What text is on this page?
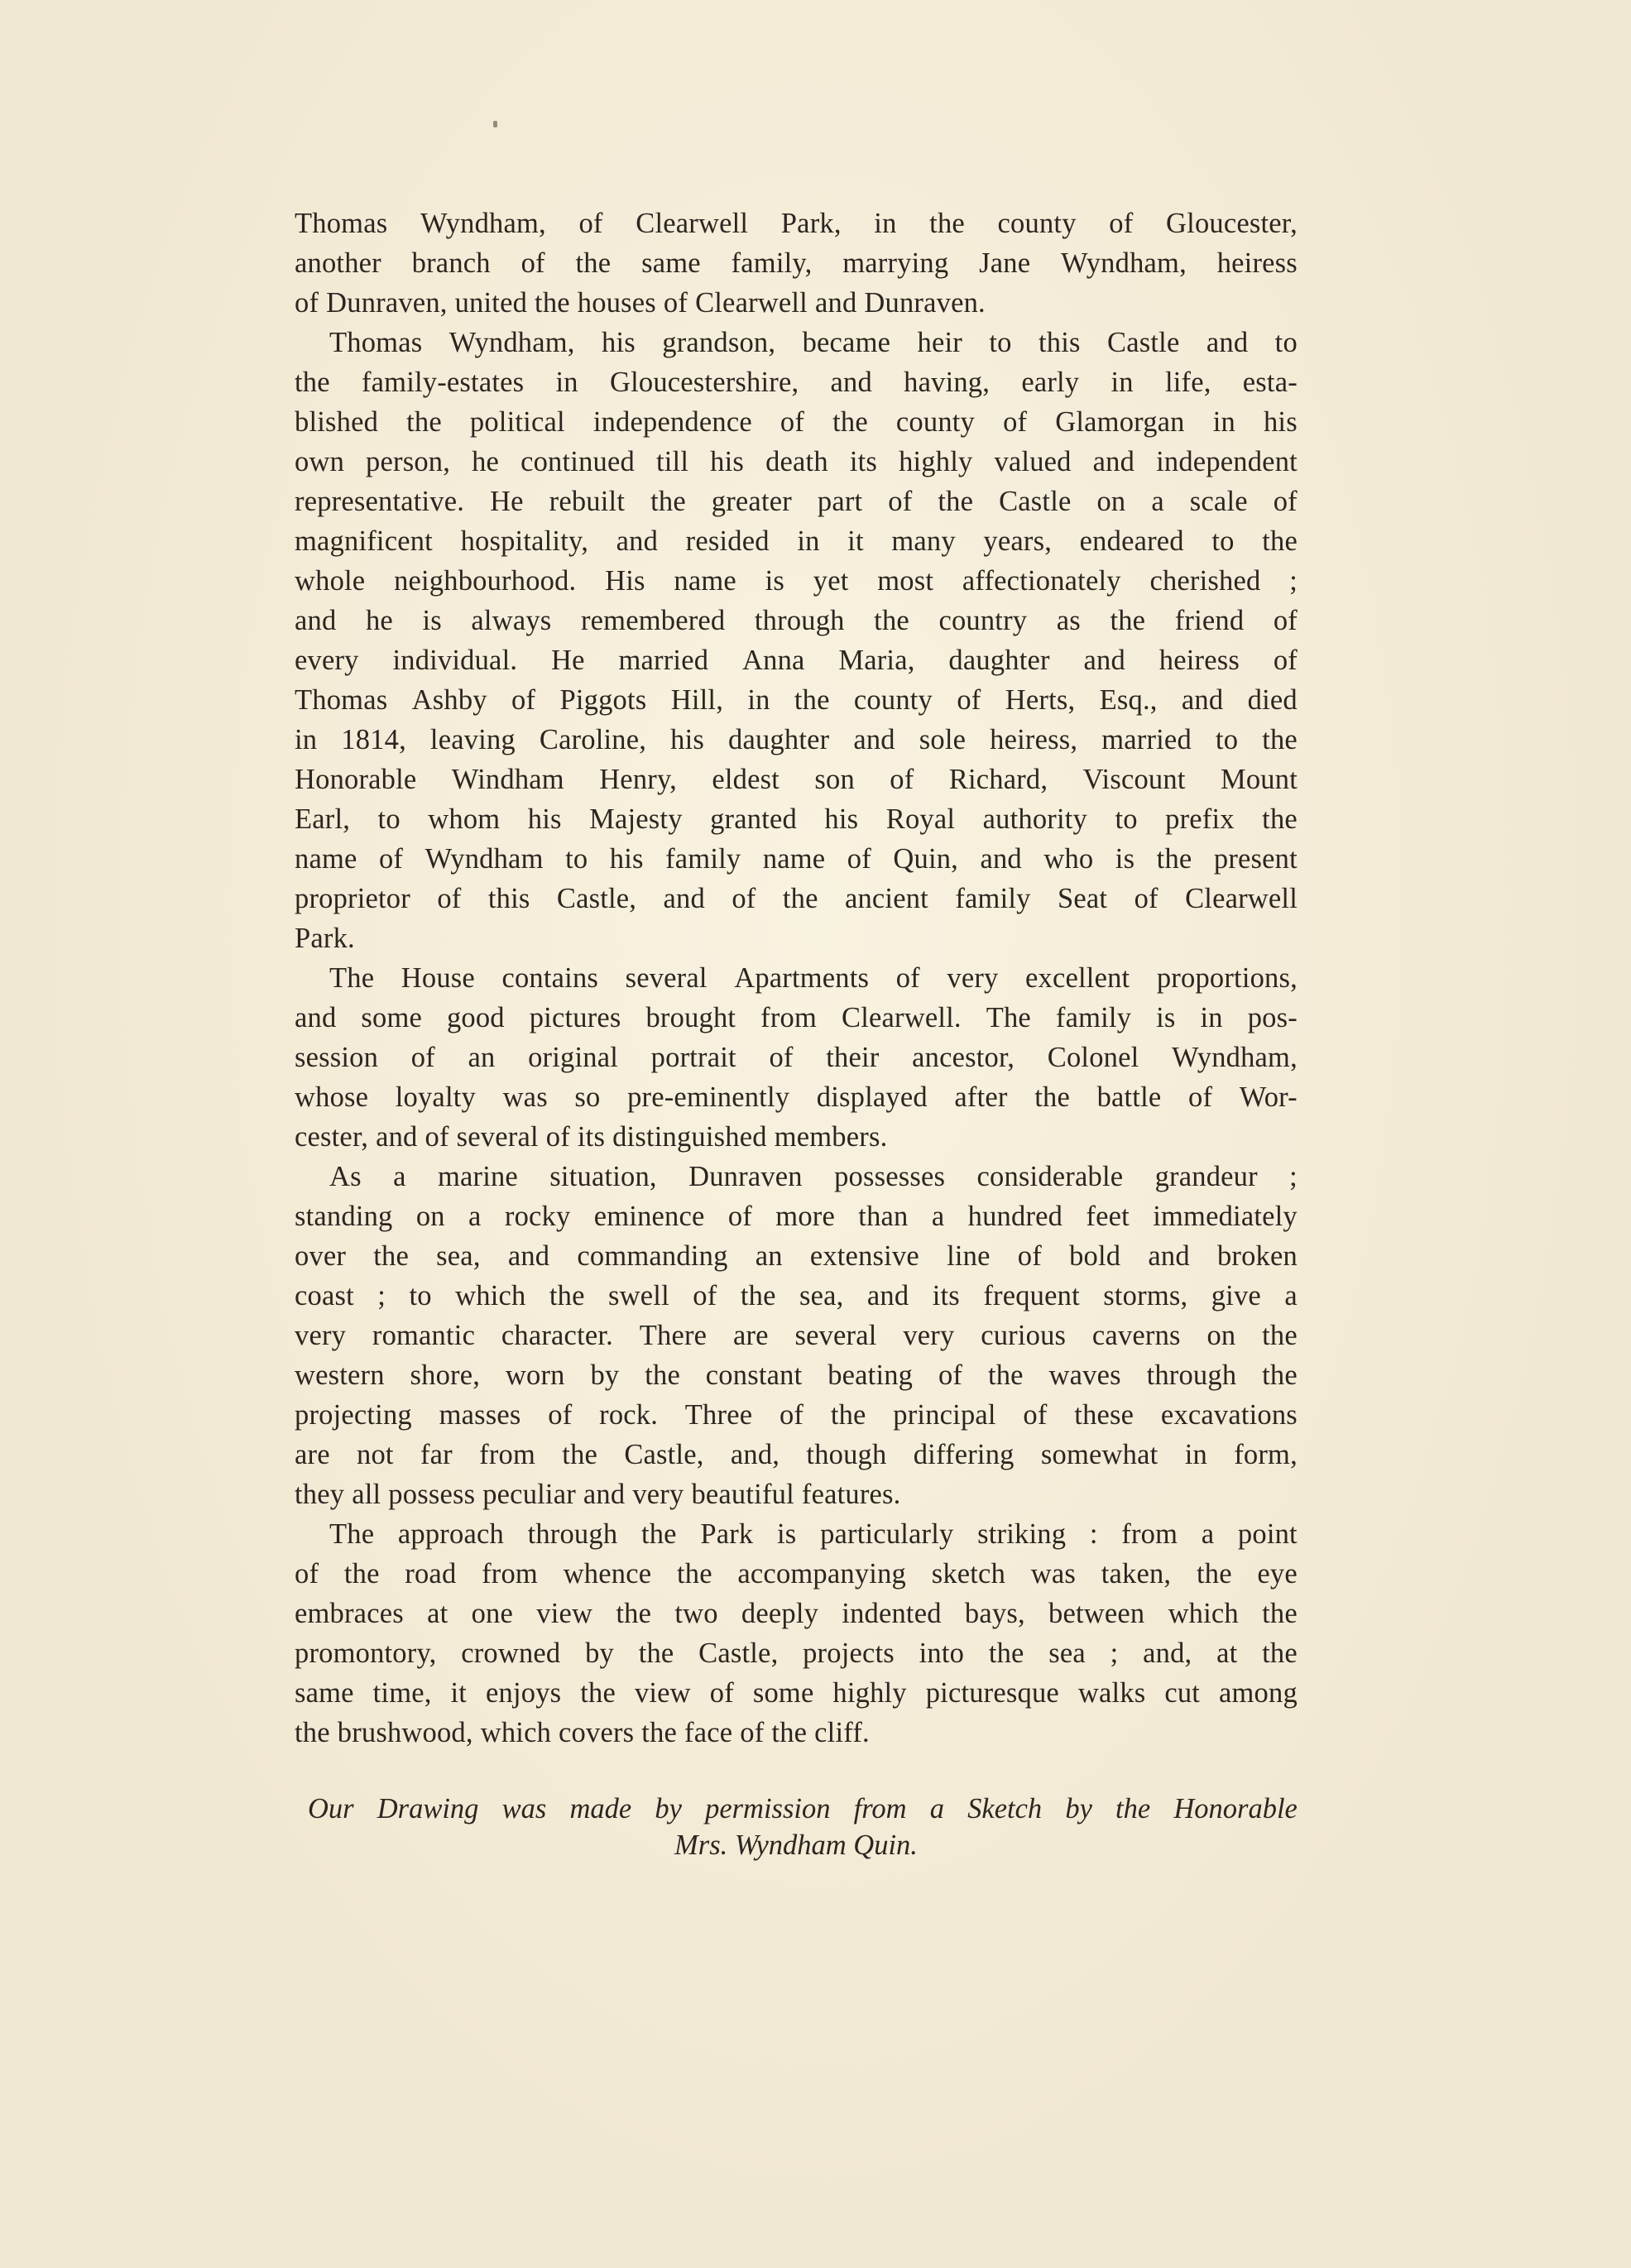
Thomas Wyndham, of Clearwell Park, in the county of Gloucester,
another branch of the same family, marrying Jane Wyndham, heiress
of Dunraven, united the houses of Clearwell and Dunraven.
Thomas Wyndham, his grandson, became heir to this Castle and to
the family-estates in Gloucestershire, and having, early in life, esta-
blished the political independence of the county of Glamorgan in his
own person, he continued till his death its highly valued and independent
representative. He rebuilt the greater part of the Castle on a scale of
magnificent hospitality, and resided in it many years, endeared to the
whole neighbourhood. His name is yet most affectionately cherished ;
and he is always remembered through the country as the friend of
every individual. He married Anna Maria, daughter and heiress of
Thomas Ashby of Piggots Hill, in the county of Herts, Esq., and died
in 1814, leaving Caroline, his daughter and sole heiress, married to the
Honorable Windham Henry, eldest son of Richard, Viscount Mount
Earl, to whom his Majesty granted his Royal authority to prefix the
name of Wyndham to his family name of Quin, and who is the present
proprietor of this Castle, and of the ancient family Seat of Clearwell
Park.
The House contains several Apartments of very excellent proportions,
and some good pictures brought from Clearwell. The family is in pos-
session of an original portrait of their ancestor, Colonel Wyndham,
whose loyalty was so pre-eminently displayed after the battle of Wor-
cester, and of several of its distinguished members.
As a marine situation, Dunraven possesses considerable grandeur ;
standing on a rocky eminence of more than a hundred feet immediately
over the sea, and commanding an extensive line of bold and broken
coast ; to which the swell of the sea, and its frequent storms, give a
very romantic character. There are several very curious caverns on the
western shore, worn by the constant beating of the waves through the
projecting masses of rock. Three of the principal of these excavations
are not far from the Castle, and, though differing somewhat in form,
they all possess peculiar and very beautiful features.
The approach through the Park is particularly striking : from a point
of the road from whence the accompanying sketch was taken, the eye
embraces at one view the two deeply indented bays, between which the
promontory, crowned by the Castle, projects into the sea ; and, at the
same time, it enjoys the view of some highly picturesque walks cut among
the brushwood, which covers the face of the cliff.
Our Drawing was made by permission from a Sketch by the Honorable
Mrs. Wyndham Quin.
